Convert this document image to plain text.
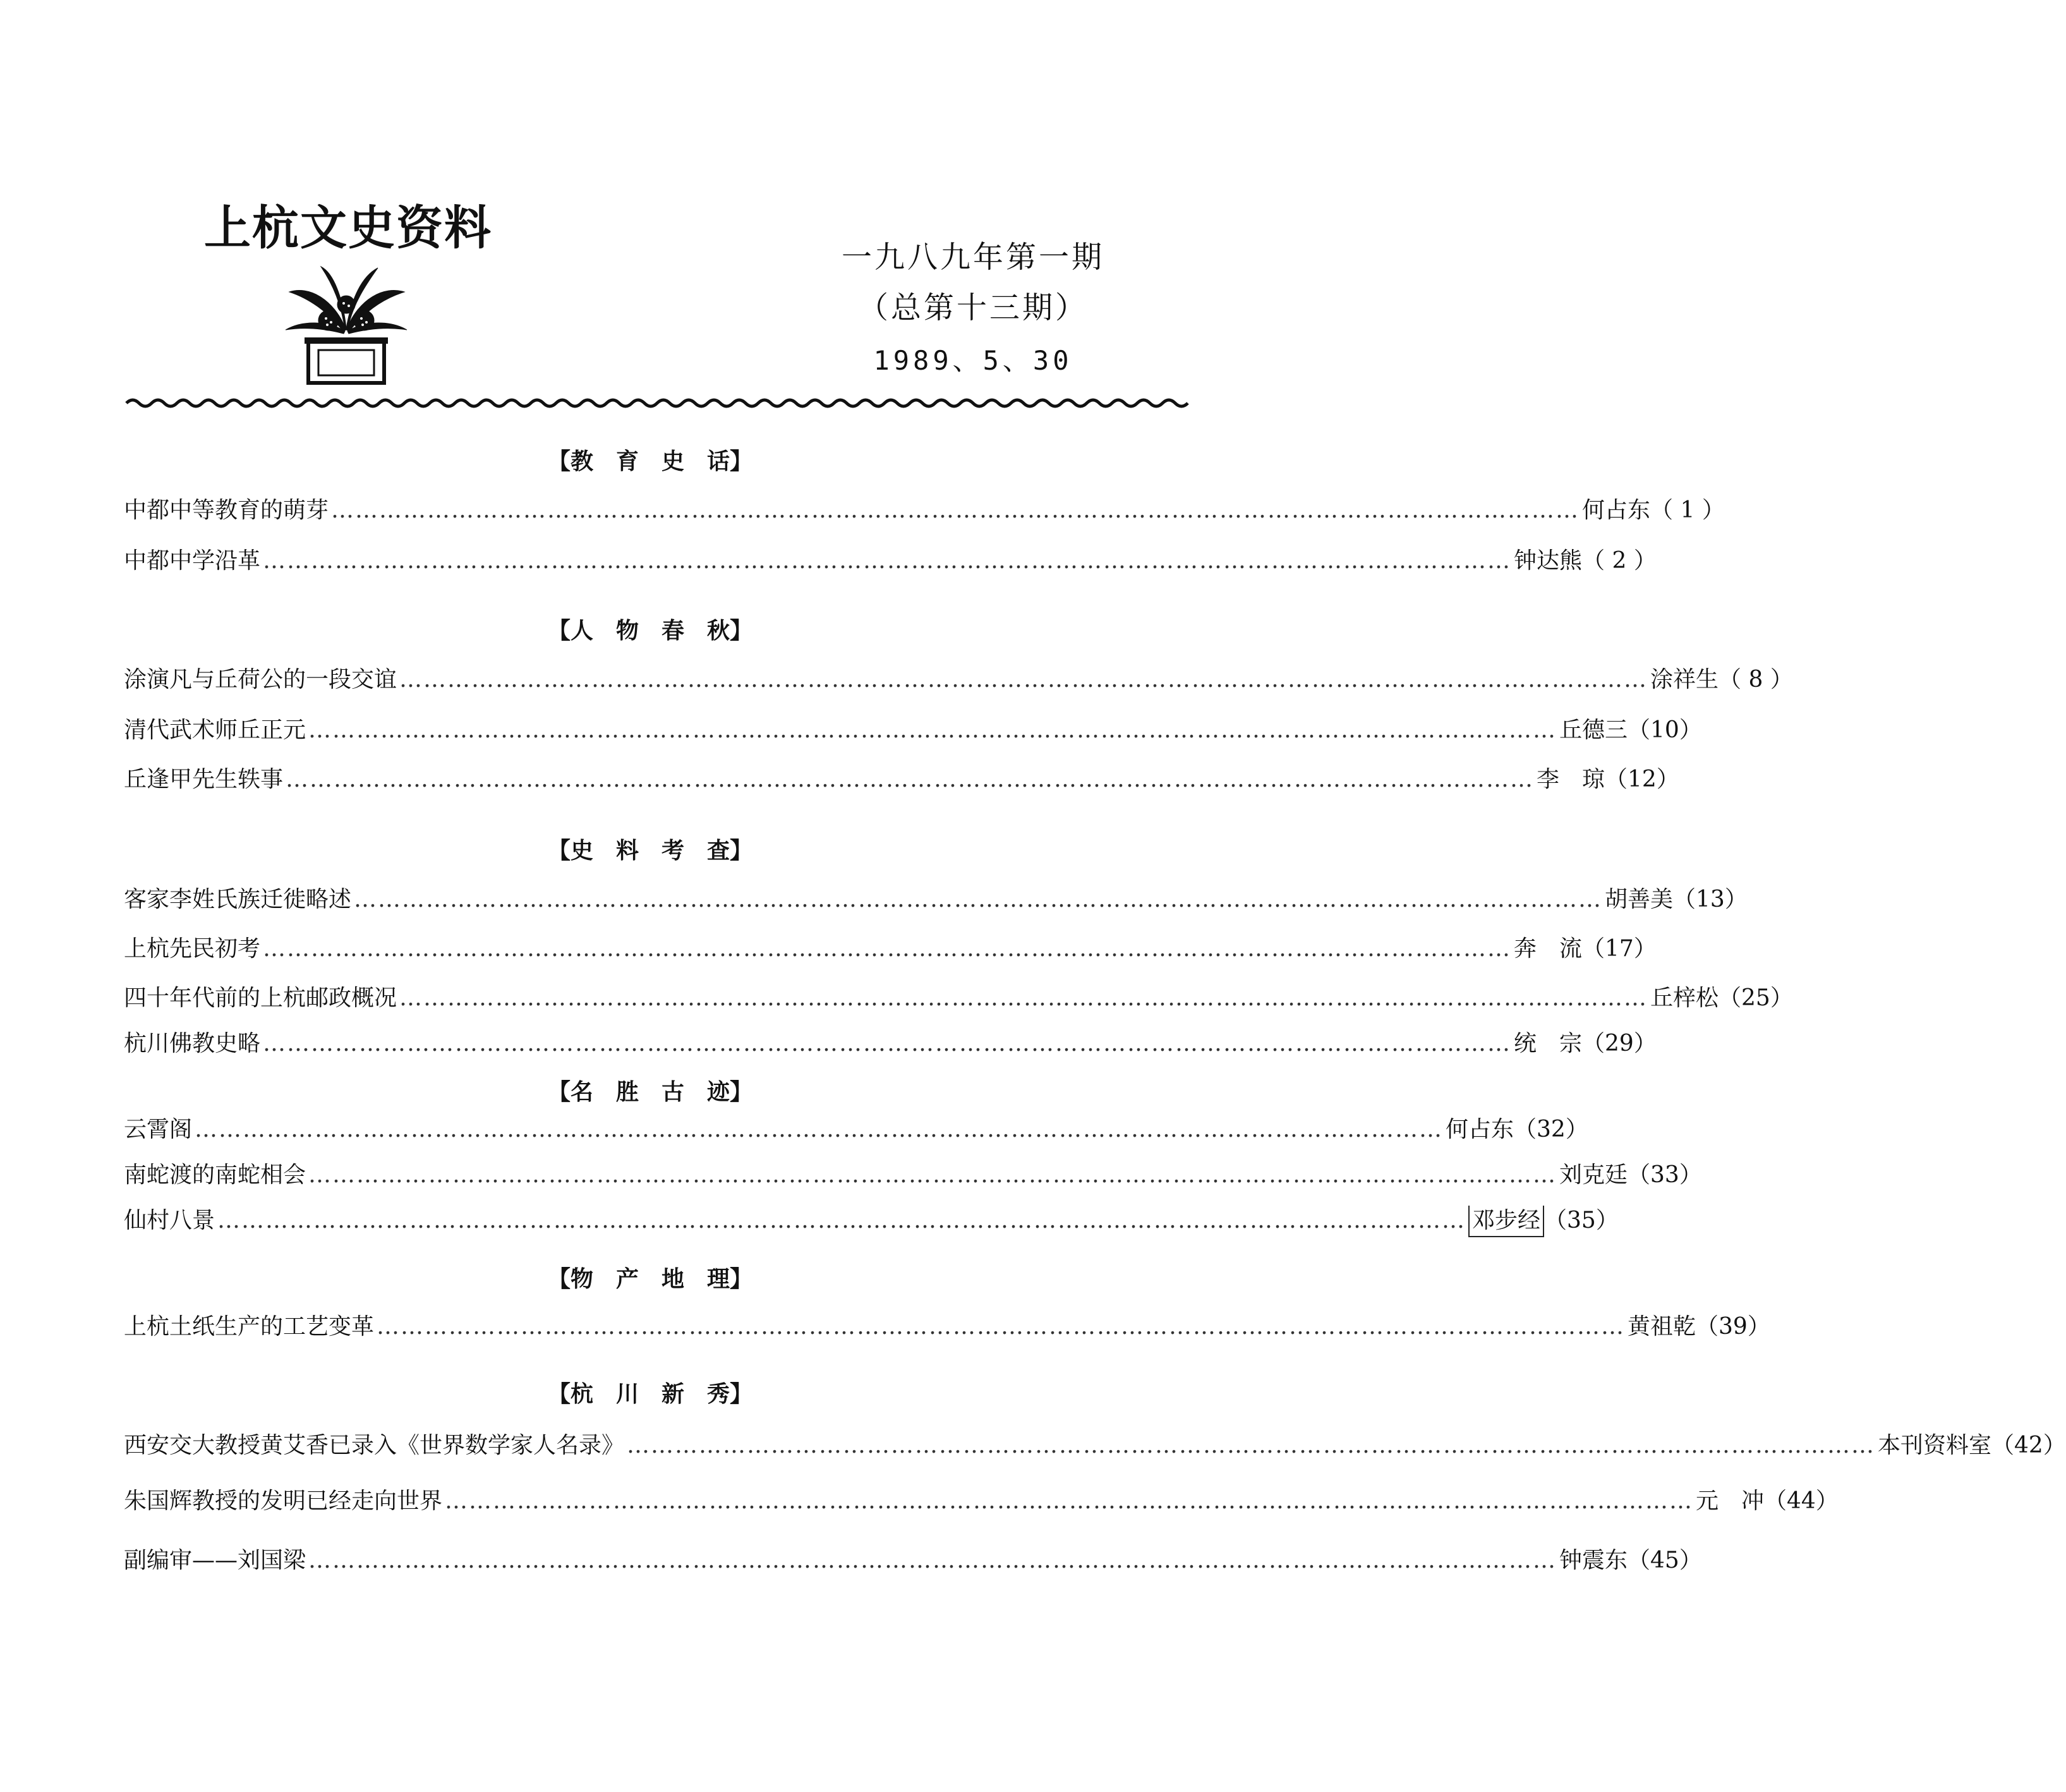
上杭文史资料
一九八九年第一期
（总第十三期）
1989、5、30
【教　育　史　话】
中都中等教育的萌芽 ………………………………………………………………………………………………………………………………………… 何占东 （ 1 ）
中都中学沿革 ………………………………………………………………………………………………………………………………………… 钟达熊 （ 2 ）
【人　物　春　秋】
涂演凡与丘荷公的一段交谊 ………………………………………………………………………………………………………………………………………… 涂祥生 （ 8 ）
清代武术师丘正元 ………………………………………………………………………………………………………………………………………… 丘德三 （10）
丘逢甲先生轶事 ………………………………………………………………………………………………………………………………………… 李　琼 （12）
【史　料　考　査】
客家李姓氏族迁徙略述 ………………………………………………………………………………………………………………………………………… 胡善美 （13）
上杭先民初考 ………………………………………………………………………………………………………………………………………… 奔　流 （17）
四十年代前的上杭邮政概况 ………………………………………………………………………………………………………………………………………… 丘梓松 （25）
杭川佛教史略 ………………………………………………………………………………………………………………………………………… 统　宗 （29）
【名　胜　古　迹】
云霄阁 ………………………………………………………………………………………………………………………………………… 何占东 （32）
南蛇渡的南蛇相会 ………………………………………………………………………………………………………………………………………… 刘克廷 （33）
仙村八景 ………………………………………………………………………………………………………………………………………… 邓步经 （35）
【物　产　地　理】
上杭土纸生产的工艺变革 ………………………………………………………………………………………………………………………………………… 黄祖乾 （39）
【杭　川　新　秀】
西安交大教授黄艾香已录入《世界数学家人名录》 ………………………………………………………………………………………………………………………………………… 本刊资料室 （42）
朱国辉教授的发明已经走向世界 ………………………………………………………………………………………………………………………………………… 元　冲 （44）
副编审——刘国梁 ………………………………………………………………………………………………………………………………………… 钟震东 （45）
